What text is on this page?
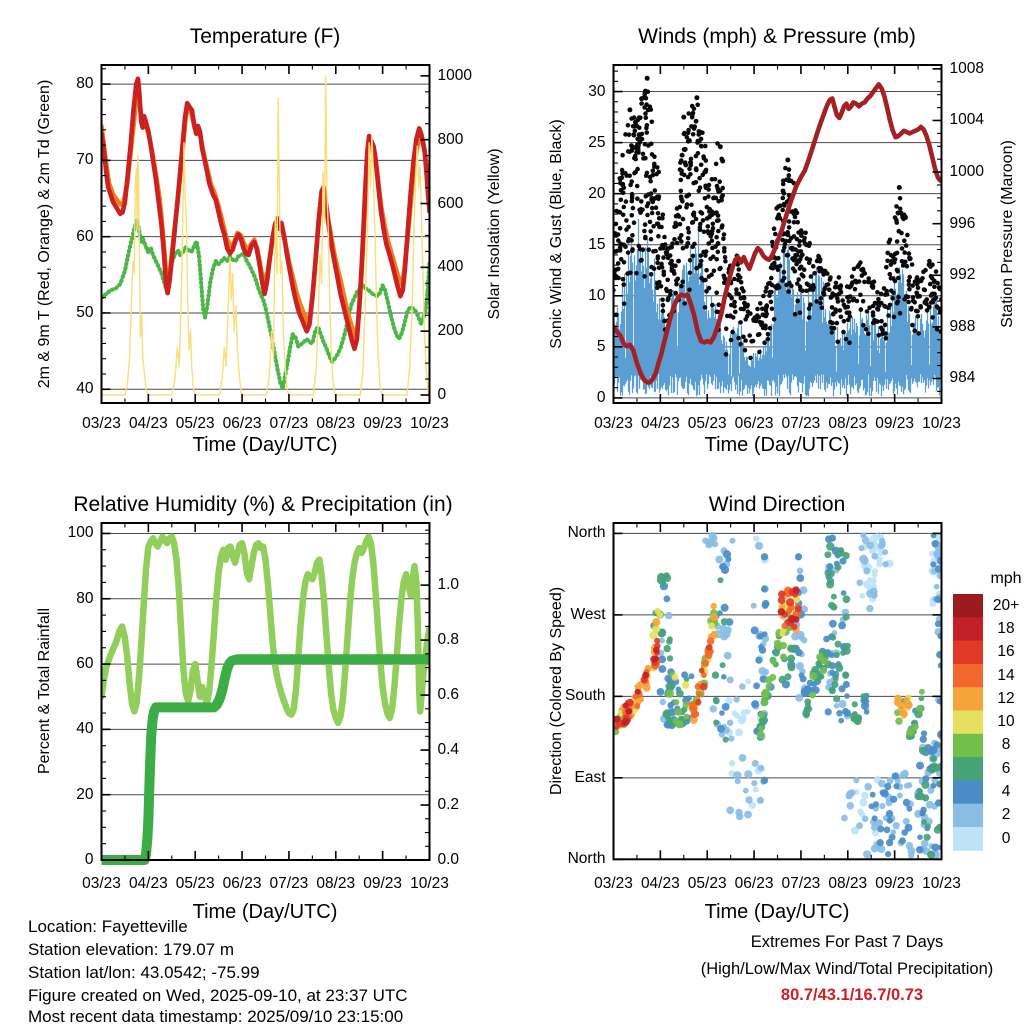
Temperature (F)	Winds (mph) & Pressure (mb)
Relative Humidity (%) & Precipitation (in)	Wind Direction
Time (Day/UTC)	Time (Day/UTC)
Time (Day/UTC)	Time (Day/UTC)
2m & 9m T (Red, Orange) & 2m Td (Green)	Solar Insolation (Yellow)	Sonic Wind & Gust (Blue, Black)	Station Pressure (Maroon)
Percent & Total Rainfall	Direction (Colored By Speed)
mph
Location: Fayetteville
Station elevation: 179.07 m
Station lat/lon: 43.0542; -75.99
Figure created on Wed, 2025-09-10, at 23:37 UTC
Most recent data timestamp: 2025/09/10 23:15:00
Extremes For Past 7 Days
(High/Low/Max Wind/Total Precipitation)
80.7/43.1/16.7/0.73
03/23 04/23 05/23 06/23 07/23 08/23 09/23 10/23
40
50
60
70
80
0
200
400
600
800
1000
03/23 04/23 05/23 06/23 07/23 08/23 09/23 10/23
0
5
10
15
20
25
30
984
988
992
996
1000
1004
1008
03/23 04/23 05/23 06/23 07/23 08/23 09/23 10/23
0
20
40
60
80
100
0.0
0.2
0.4
0.6
0.8
1.0
03/23 04/23 05/23 06/23 07/23 08/23 09/23 10/23
North
West
South
East
North
20+
18
16
14
12
10
8
6
4
2
0
